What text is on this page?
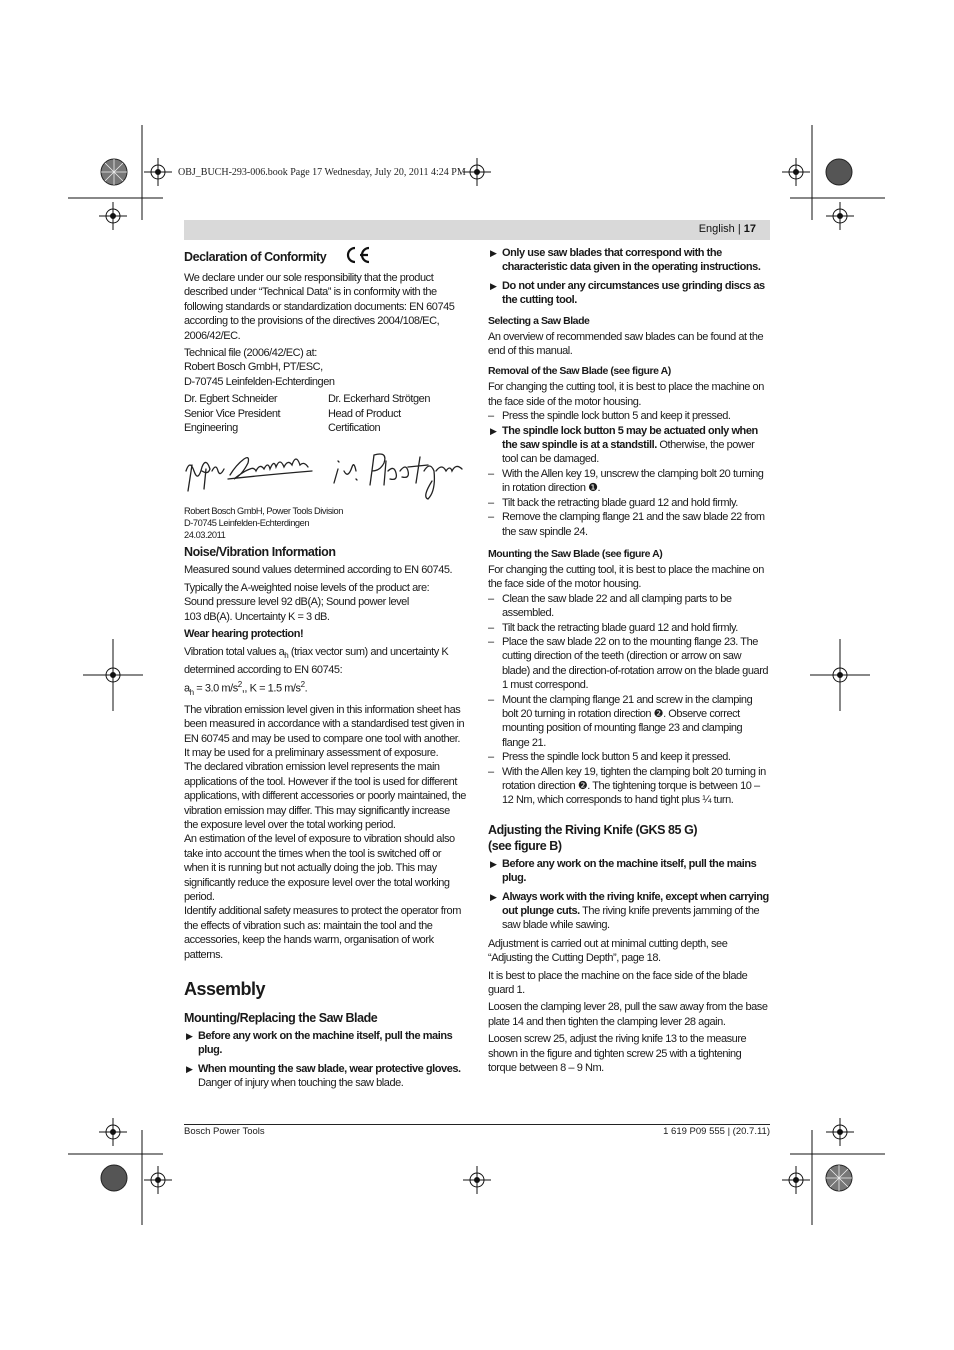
OBJ_BUCH-293-006.book Page 17 Wednesday, July 20, 2011 4:24 PM
English | 17
Declaration of Conformity

We declare under our sole responsibility that the product described under “Technical Data” is in conformity with the following standards or standardization documents: EN 60745 according to the provisions of the directives 2004/108/EC, 2006/42/EC.

Technical file (2006/42/EC) at:
Robert Bosch GmbH, PT/ESC,
D-70745 Leinfelden-Echterdingen

Dr. Egbert Schneider
Senior Vice President
Engineering
Dr. Eckerhard Strötgen
Head of Product
Certification

Robert Bosch GmbH, Power Tools Division
D-70745 Leinfelden-Echterdingen
24.03.2011

Noise/Vibration Information

Measured sound values determined according to EN 60745.

Typically the A-weighted noise levels of the product are:
Sound pressure level 92 dB(A); Sound power level
103 dB(A). Uncertainty K = 3 dB.

Wear hearing protection!

Vibration total values $a_h$ (triax vector sum) and uncertainty K determined according to EN 60745:
$a_h = 3.0$ $m/s^2$,, K = 1.5 $m/s^2$.

The vibration emission level given in this information sheet has been measured in accordance with a standardised test given in EN 60745 and may be used to compare one tool with another. It may be used for a preliminary assessment of exposure.

The declared vibration emission level represents the main applications of the tool. However if the tool is used for different applications, with different accessories or poorly maintained, the vibration emission may differ. This may significantly increase the exposure level over the total working period.

An estimation of the level of exposure to vibration should also take into account the times when the tool is switched off or when it is running but not actually doing the job. This may significantly reduce the exposure level over the total working period.

Identify additional safety measures to protect the operator from the effects of vibration such as: maintain the tool and the accessories, keep the hands warm, organisation of work patterns.

Assembly
Mounting/Replacing the Saw Blade
▶ Before any work on the machine itself, pull the mains plug.
▶ When mounting the saw blade, wear protective gloves. Danger of injury when touching the saw blade.
▶ Only use saw blades that correspond with the characteristic data given in the operating instructions.
▶ Do not under any circumstances use grinding discs as the cutting tool.
Selecting a Saw Blade

An overview of recommended saw blades can be found at the end of this manual.

Removal of the Saw Blade (see figure A)

For changing the cutting tool, it is best to place the machine on the face side of the motor housing.

– Press the spindle lock button 5 and keep it pressed.
▶ The spindle lock button 5 may be actuated only when the saw spindle is at a standstill. Otherwise, the power tool can be damaged.
– With the Allen key 19, unscrew the clamping bolt 20 turning in rotation direction ❶.
– Tilt back the retracting blade guard 12 and hold firmly.
– Remove the clamping flange 21 and the saw blade 22 from the saw spindle 24.
Mounting the Saw Blade (see figure A)

For changing the cutting tool, it is best to place the machine on the face side of the motor housing.

– Clean the saw blade 22 and all clamping parts to be assembled.
– Tilt back the retracting blade guard 12 and hold firmly.
– Place the saw blade 22 on to the mounting flange 23. The cutting direction of the teeth (direction or arrow on saw blade) and the direction-of-rotation arrow on the blade guard 1 must correspond.
– Mount the clamping flange 21 and screw in the clamping bolt 20 turning in rotation direction ❷. Observe correct mounting position of mounting flange 23 and clamping flange 21.
– Press the spindle lock button 5 and keep it pressed.
– With the Allen key 19, tighten the clamping bolt 20 turning in rotation direction ❷. The tightening torque is between 10 – 12 Nm, which corresponds to hand tight plus ¼ turn.
Adjusting the Riving Knife (GKS 85 G)
(see figure B)
▶ Before any work on the machine itself, pull the mains plug.
▶ Always work with the riving knife, except when carrying out plunge cuts. The riving knife prevents jamming of the saw blade while sawing.

Adjustment is carried out at minimal cutting depth, see “Adjusting the Cutting Depth”, page 18.

It is best to place the machine on the face side of the blade guard 1.

Loosen the clamping lever 28, pull the saw away from the base plate 14 and then tighten the clamping lever 28 again.

Loosen screw 25, adjust the riving knife 13 to the measure shown in the figure and tighten screw 25 with a tightening torque between 8 – 9 Nm.

Bosch Power Tools	1 619 P09 555 | (20.7.11)
